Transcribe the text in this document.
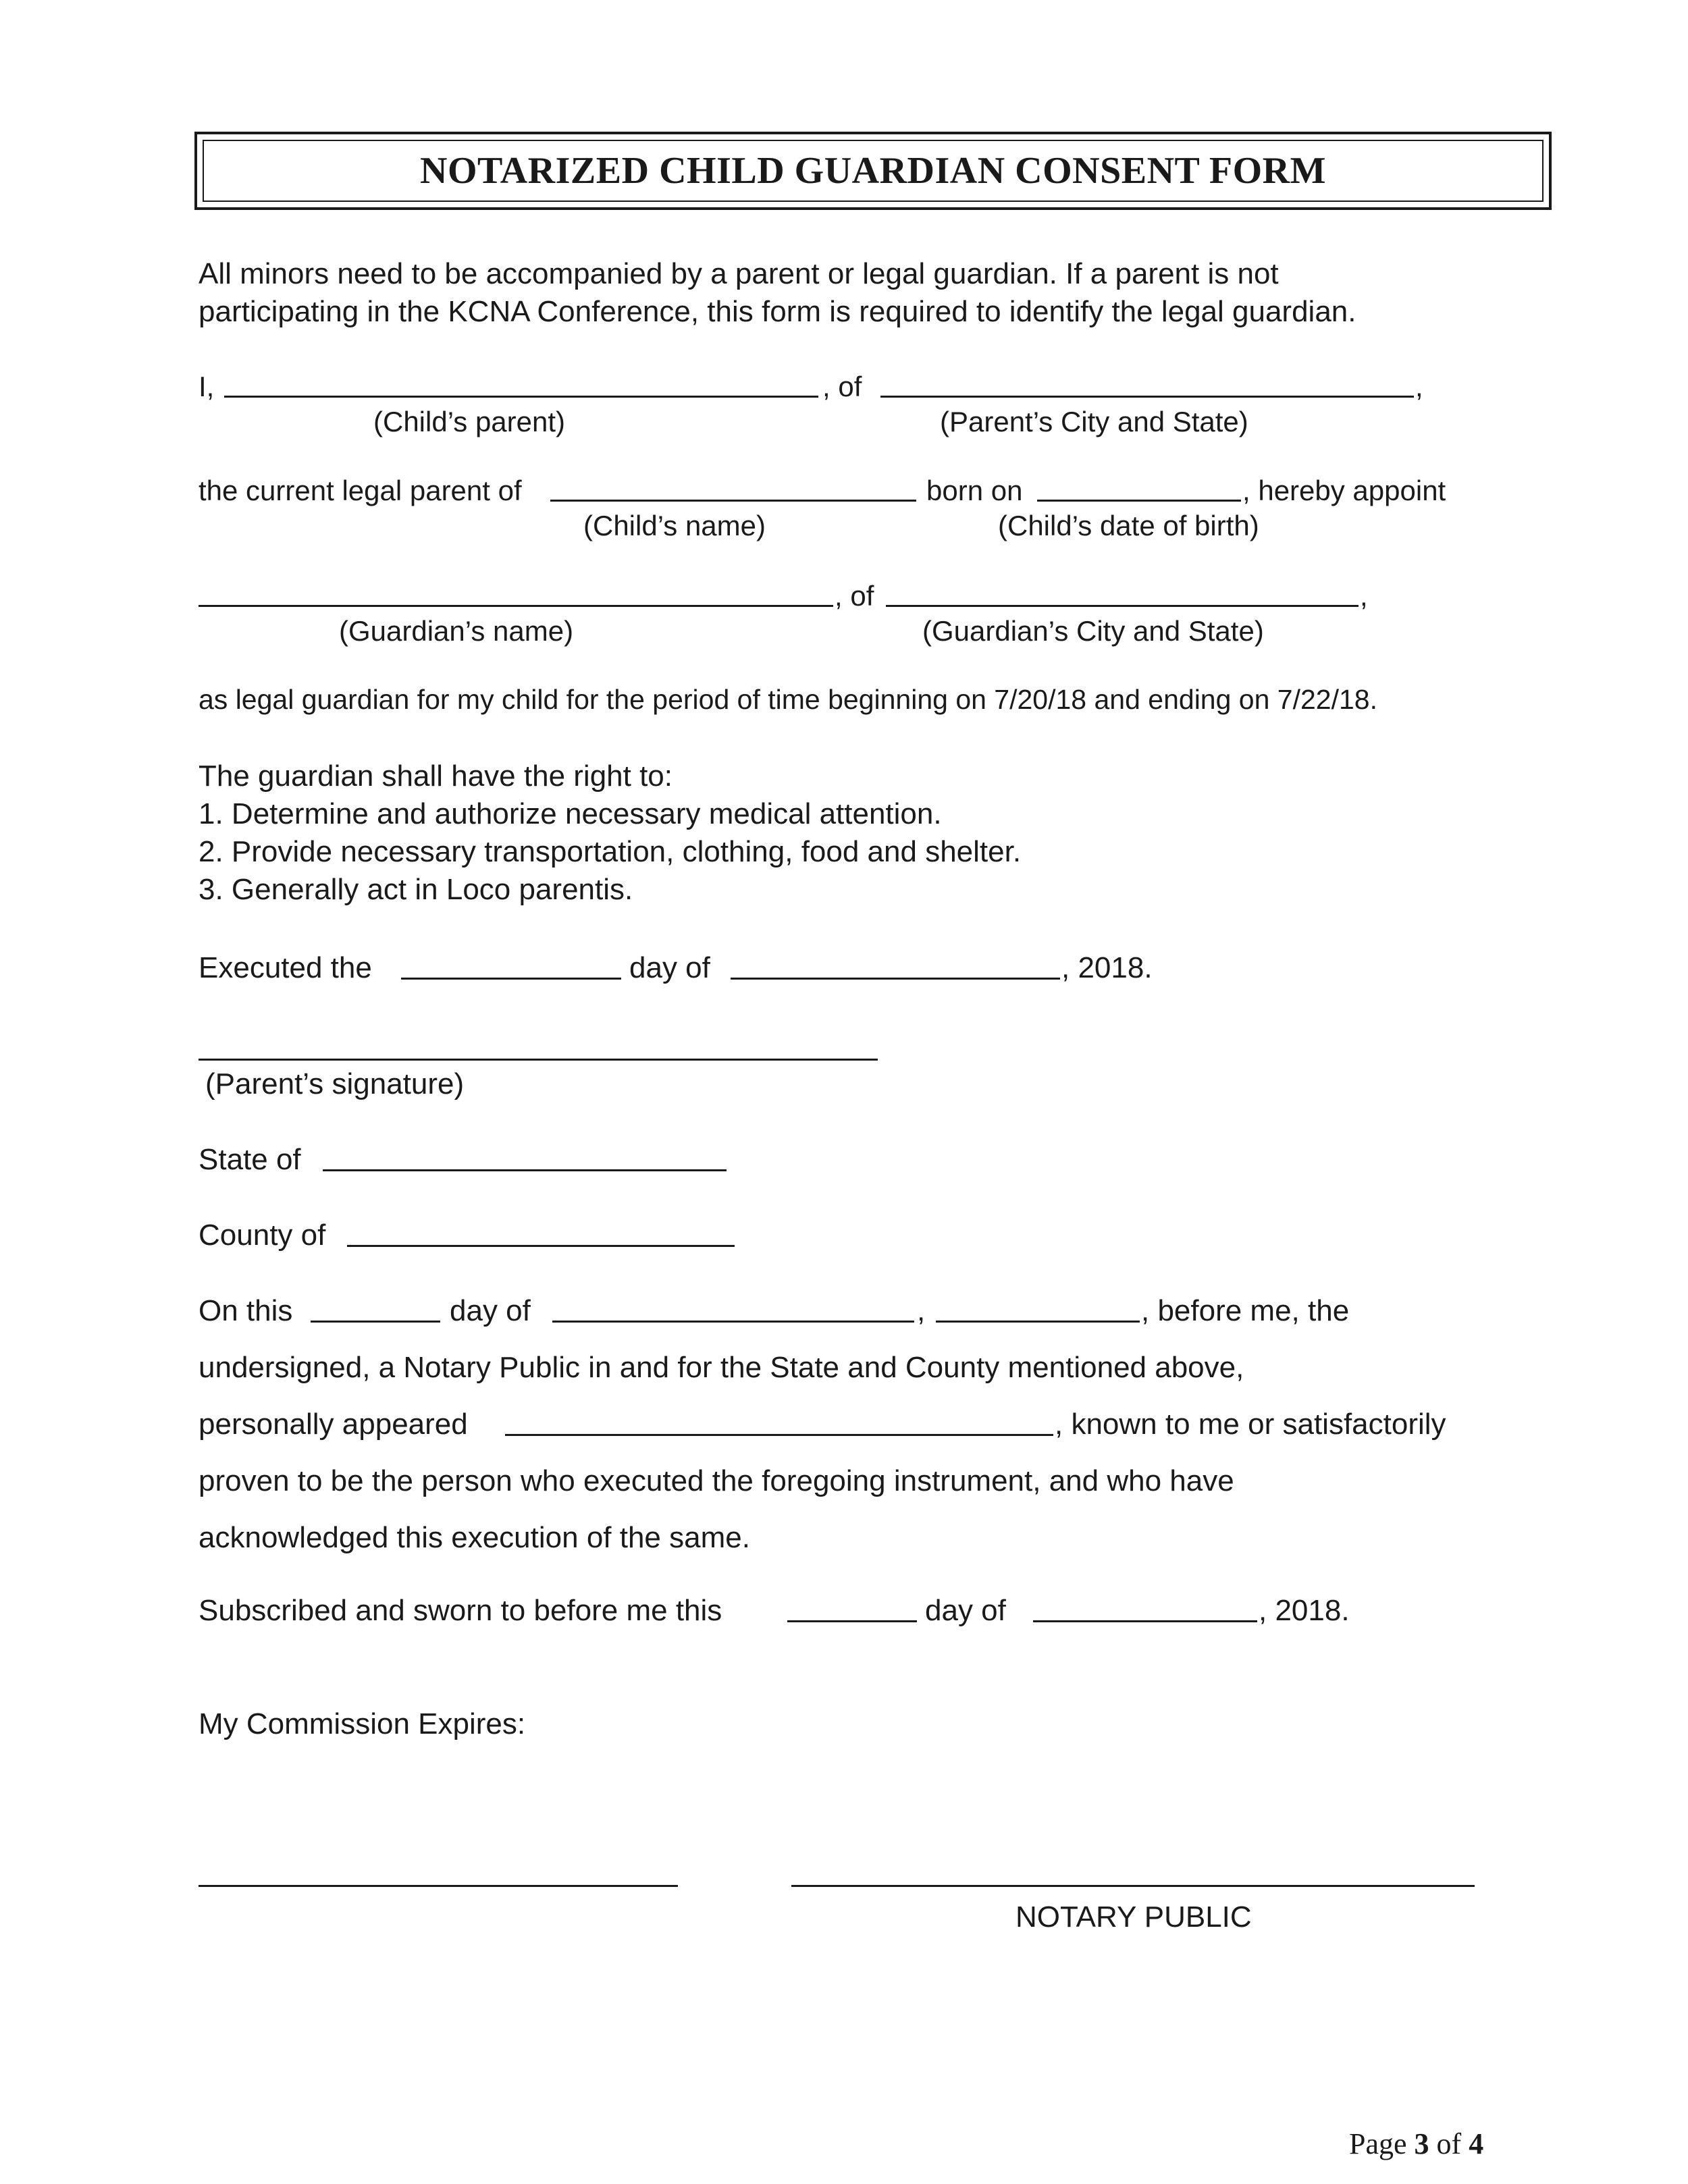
NOTARIZED CHILD GUARDIAN CONSENT FORM
All minors need to be accompanied by a parent or legal guardian. If a parent is not
participating in the KCNA Conference, this form is required to identify the legal guardian.
I,	, of	,
(Child’s parent)	(Parent’s City and State)
the current legal parent of	born on	, hereby appoint
(Child’s name)	(Child’s date of birth)
, of	,
(Guardian’s name)	(Guardian’s City and State)
as legal guardian for my child for the period of time beginning on 7/20/18 and ending on 7/22/18.
The guardian shall have the right to:
1. Determine and authorize necessary medical attention.
2. Provide necessary transportation, clothing, food and shelter.
3. Generally act in Loco parentis.
Executed the	day of	, 2018.
(Parent’s signature)
State of
County of
On this	day of	,	, before me, the
undersigned, a Notary Public in and for the State and County mentioned above,
personally appeared	, known to me or satisfactorily
proven to be the person who executed the foregoing instrument, and who have
acknowledged this execution of the same.
Subscribed and sworn to before me this	day of	, 2018.
My Commission Expires:
NOTARY PUBLIC
Page 3 of 4
